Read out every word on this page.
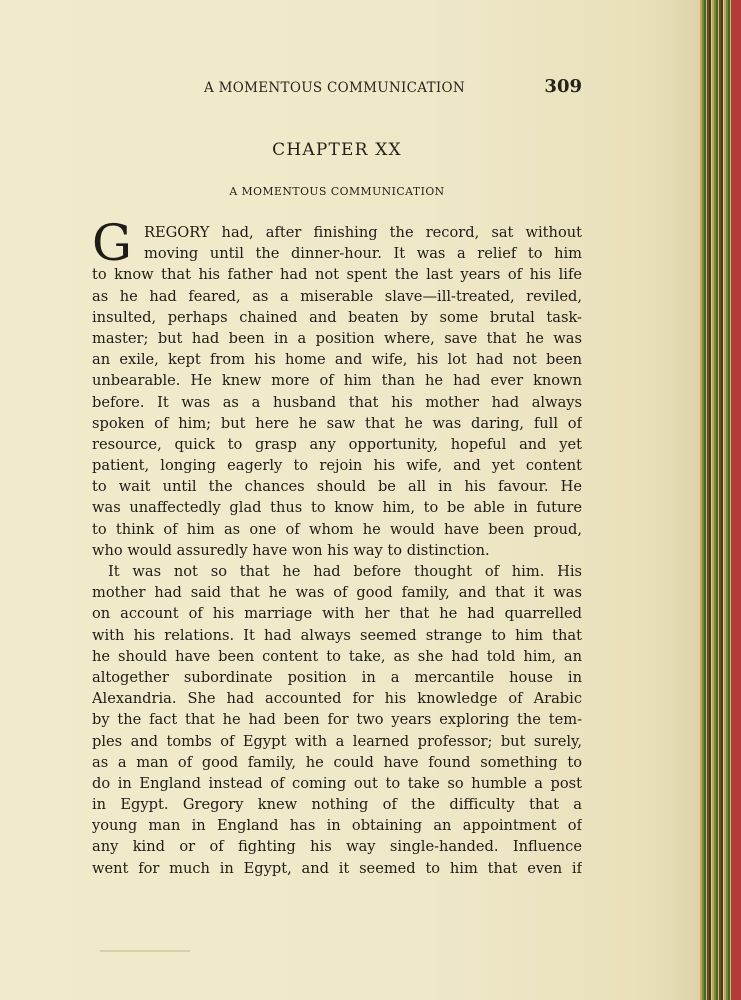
A MOMENTOUS COMMUNICATION	309
CHAPTER XX
A MOMENTOUS COMMUNICATION
G REGORY had, after finishing the record, sat without
moving until the dinner-hour. It was a relief to him
to know that his father had not spent the last years of his life
as he had feared, as a miserable slave—ill-treated, reviled,
insulted, perhaps chained and beaten by some brutal task-
master; but had been in a position where, save that he was
an exile, kept from his home and wife, his lot had not been
unbearable. He knew more of him than he had ever known
before. It was as a husband that his mother had always
spoken of him; but here he saw that he was daring, full of
resource, quick to grasp any opportunity, hopeful and yet
patient, longing eagerly to rejoin his wife, and yet content
to wait until the chances should be all in his favour. He
was unaffectedly glad thus to know him, to be able in future
to think of him as one of whom he would have been proud,
who would assuredly have won his way to distinction.
It was not so that he had before thought of him. His
mother had said that he was of good family, and that it was
on account of his marriage with her that he had quarrelled
with his relations. It had always seemed strange to him that
he should have been content to take, as she had told him, an
altogether subordinate position in a mercantile house in
Alexandria. She had accounted for his knowledge of Arabic
by the fact that he had been for two years exploring the tem-
ples and tombs of Egypt with a learned professor; but surely,
as a man of good family, he could have found something to
do in England instead of coming out to take so humble a post
in Egypt. Gregory knew nothing of the difficulty that a
young man in England has in obtaining an appointment of
any kind or of fighting his way single-handed. Influence
went for much in Egypt, and it seemed to him that even if
